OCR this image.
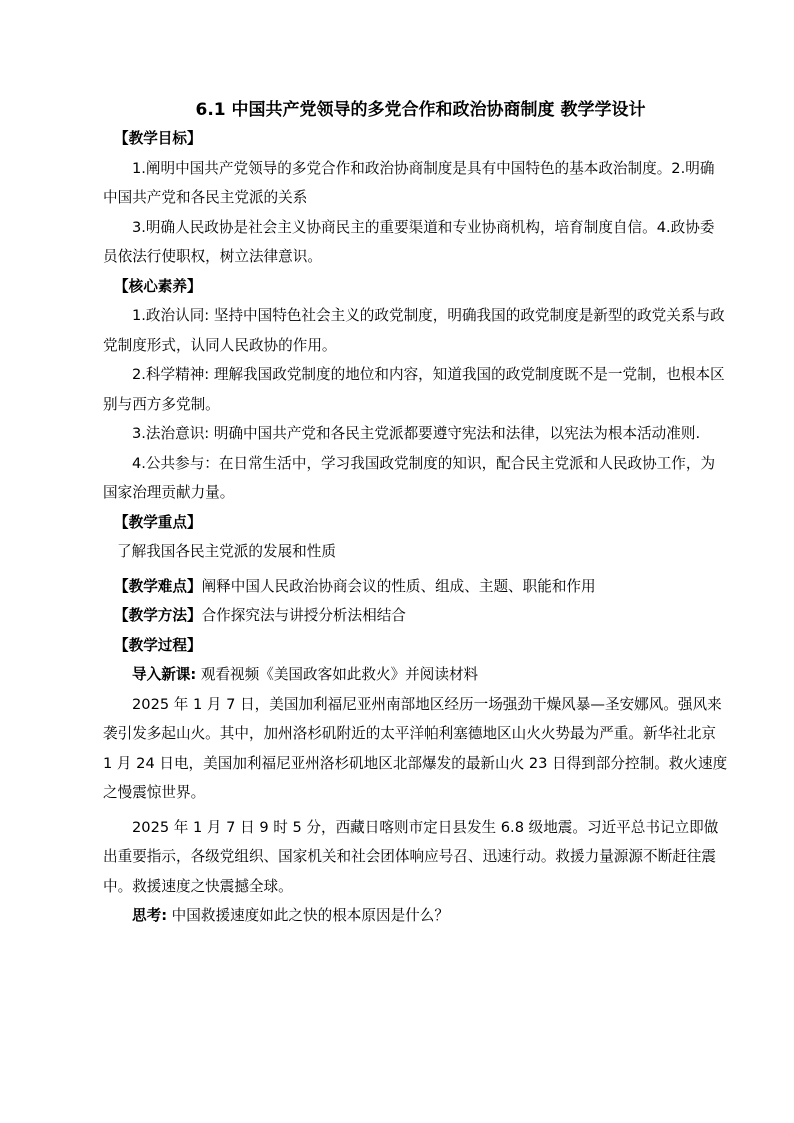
6.1 中国共产党领导的多党合作和政治协商制度 教学学设计

【教学目标】

1.阐明中国共产党领导的多党合作和政治协商制度是具有中国特色的基本政治制度。2.明确中国共产党和各民主党派的关系

3.明确人民政协是社会主义协商民主的重要渠道和专业协商机构，培育制度自信。4.政协委员依法行使职权，树立法律意识。

【核心素养】

1.政治认同: 坚持中国特色社会主义的政党制度，明确我国的政党制度是新型的政党关系与政党制度形式，认同人民政协的作用。

2.科学精神: 理解我国政党制度的地位和内容，知道我国的政党制度既不是一党制，也根本区别与西方多党制。

3.法治意识: 明确中国共产党和各民主党派都要遵守宪法和法律，以宪法为根本活动准则.

4.公共参与：在日常生活中，学习我国政党制度的知识，配合民主党派和人民政协工作，为国家治理贡献力量。

【教学重点】

了解我国各民主党派的发展和性质

【教学难点】阐释中国人民政治协商会议的性质、组成、主题、职能和作用

【教学方法】合作探究法与讲授分析法相结合

【教学过程】

导入新课: 观看视频《美国政客如此救火》并阅读材料

2025 年 1 月 7 日，美国加利福尼亚州南部地区经历一场强劲干燥风暴—圣安娜风。强风来袭引发多起山火。其中，加州洛杉矶附近的太平洋帕利塞德地区山火火势最为严重。新华社北京 1 月 24 日电，美国加利福尼亚州洛杉矶地区北部爆发的最新山火 23 日得到部分控制。救火速度之慢震惊世界。

2025 年 1 月 7 日 9 时 5 分，西藏日喀则市定日县发生 6.8 级地震。习近平总书记立即做出重要指示，各级党组织、国家机关和社会团体响应号召、迅速行动。救援力量源源不断赶往震中。救援速度之快震撼全球。

思考: 中国救援速度如此之快的根本原因是什么？
